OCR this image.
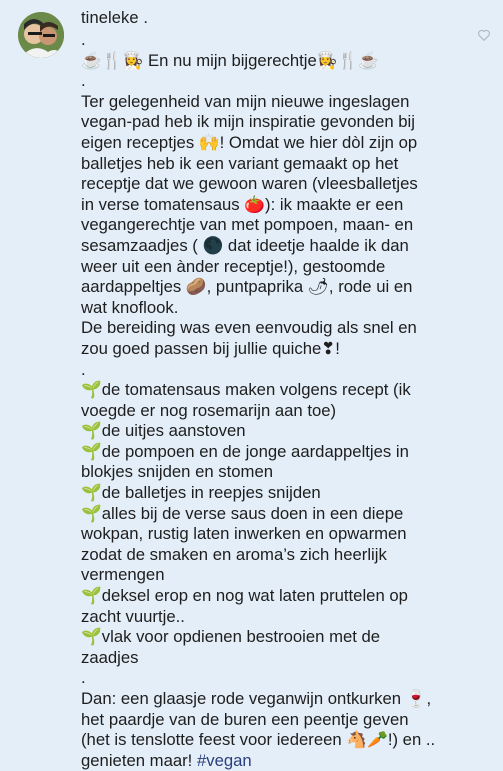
tineleke .
.
☕🍴👩‍🍳 En nu mijn bijgerechtje👩‍🍳🍴☕
.
Ter gelegenheid van mijn nieuwe ingeslagen
vegan-pad heb ik mijn inspiratie gevonden bij
eigen receptjes 🙌! Omdat we hier dòl zijn op
balletjes heb ik een variant gemaakt op het
receptje dat we gewoon waren (vleesballetjes
in verse tomatensaus 🍅): ik maakte er een
vegangerechtje van met pompoen, maan- en
sesamzaadjes ( 🌑 dat ideetje haalde ik dan
weer uit een ànder receptje!), gestoomde
aardappeltjes 🥔, puntpaprika 🌶, rode ui en
wat knoflook.
De bereiding was even eenvoudig als snel en
zou goed passen bij jullie quiche❣!
.
🌱de tomatensaus maken volgens recept (ik
voegde er nog rosemarijn aan toe)
🌱de uitjes aanstoven
🌱de pompoen en de jonge aardappeltjes in
blokjes snijden en stomen
🌱de balletjes in reepjes snijden
🌱alles bij de verse saus doen in een diepe
wokpan, rustig laten inwerken en opwarmen
zodat de smaken en aroma’s zich heerlijk
vermengen
🌱deksel erop en nog wat laten pruttelen op
zacht vuurtje..
🌱vlak voor opdienen bestrooien met de
zaadjes
.
Dan: een glaasje rode veganwijn ontkurken 🍷,
het paardje van de buren een peentje geven
(het is tenslotte feest voor iedereen 🐴🥕!) en ..
genieten maar! #vegan
